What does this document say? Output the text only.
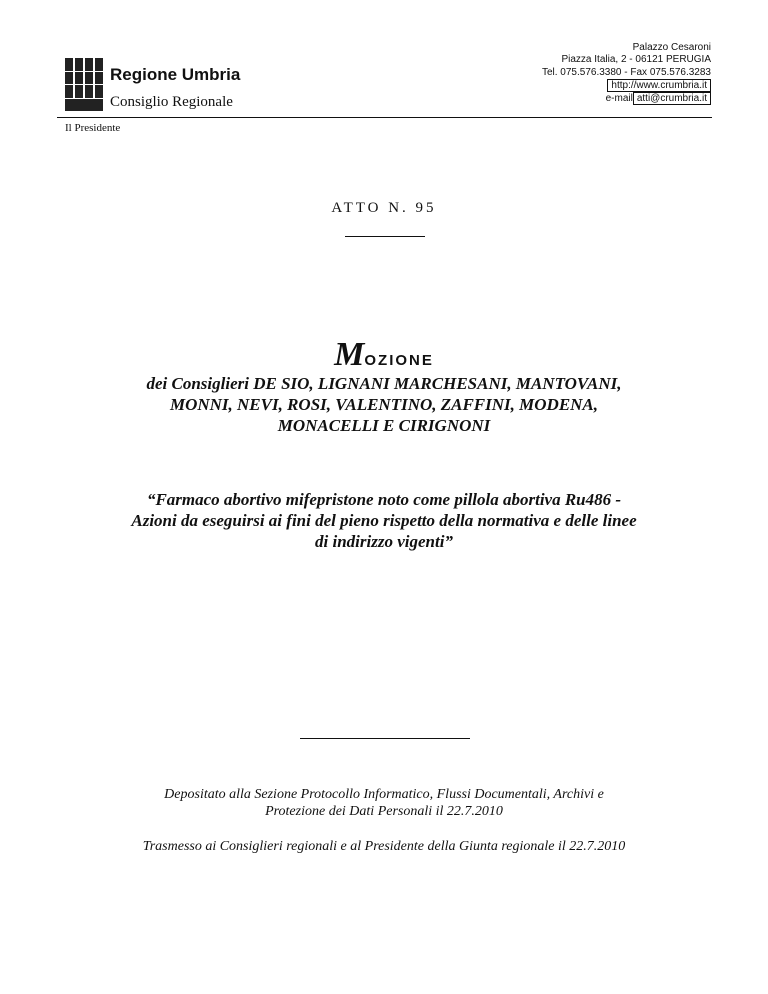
Regione Umbria
Consiglio Regionale
Palazzo Cesaroni
Piazza Italia, 2 - 06121 PERUGIA
Tel. 075.576.3380 - Fax 075.576.3283
http://www.crumbria.it
e-mail atti@crumbria.it
Il Presidente
ATTO N. 95
MOZIONE
dei Consiglieri DE SIO, LIGNANI MARCHESANI, MANTOVANI,
MONNI, NEVI, ROSI, VALENTINO, ZAFFINI, MODENA,
MONACELLI E CIRIGNONI
“Farmaco abortivo mifepristone noto come pillola abortiva Ru486 -
Azioni da eseguirsi ai fini del pieno rispetto della normativa e delle linee
di indirizzo vigenti”
Depositato alla Sezione Protocollo Informatico, Flussi Documentali, Archivi e
Protezione dei Dati Personali il 22.7.2010
Trasmesso ai Consiglieri regionali e al Presidente della Giunta regionale il 22.7.2010
